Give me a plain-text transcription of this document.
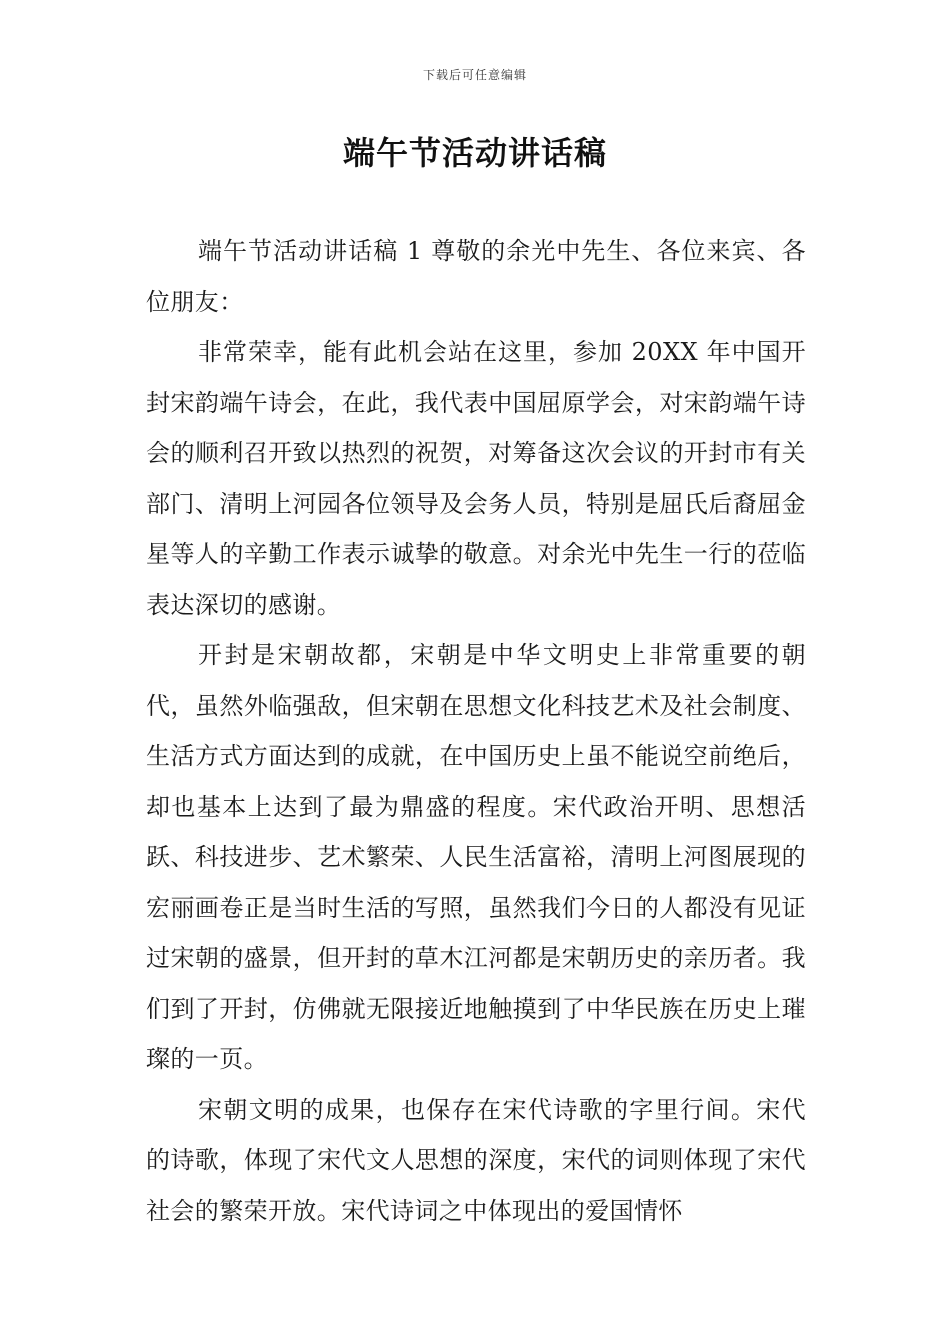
下载后可任意编辑
端午节活动讲话稿

端午节活动讲话稿 1 尊敬的余光中先生、各位来宾、各位朋友：

非常荣幸，能有此机会站在这里，参加 20XX 年中国开封宋韵端午诗会，在此，我代表中国屈原学会，对宋韵端午诗会的顺利召开致以热烈的祝贺，对筹备这次会议的开封市有关部门、清明上河园各位领导及会务人员，特别是屈氏后裔屈金星等人的辛勤工作表示诚挚的敬意。对余光中先生一行的莅临表达深切的感谢。

开封是宋朝故都，宋朝是中华文明史上非常重要的朝代，虽然外临强敌，但宋朝在思想文化科技艺术及社会制度、生活方式方面达到的成就，在中国历史上虽不能说空前绝后，却也基本上达到了最为鼎盛的程度。宋代政治开明、思想活跃、科技进步、艺术繁荣、人民生活富裕，清明上河图展现的宏丽画卷正是当时生活的写照，虽然我们今日的人都没有见证过宋朝的盛景，但开封的草木江河都是宋朝历史的亲历者。我们到了开封，仿佛就无限接近地触摸到了中华民族在历史上璀璨的一页。

宋朝文明的成果，也保存在宋代诗歌的字里行间。宋代的诗歌，体现了宋代文人思想的深度，宋代的词则体现了宋代社会的繁荣开放。宋代诗词之中体现出的爱国情怀
